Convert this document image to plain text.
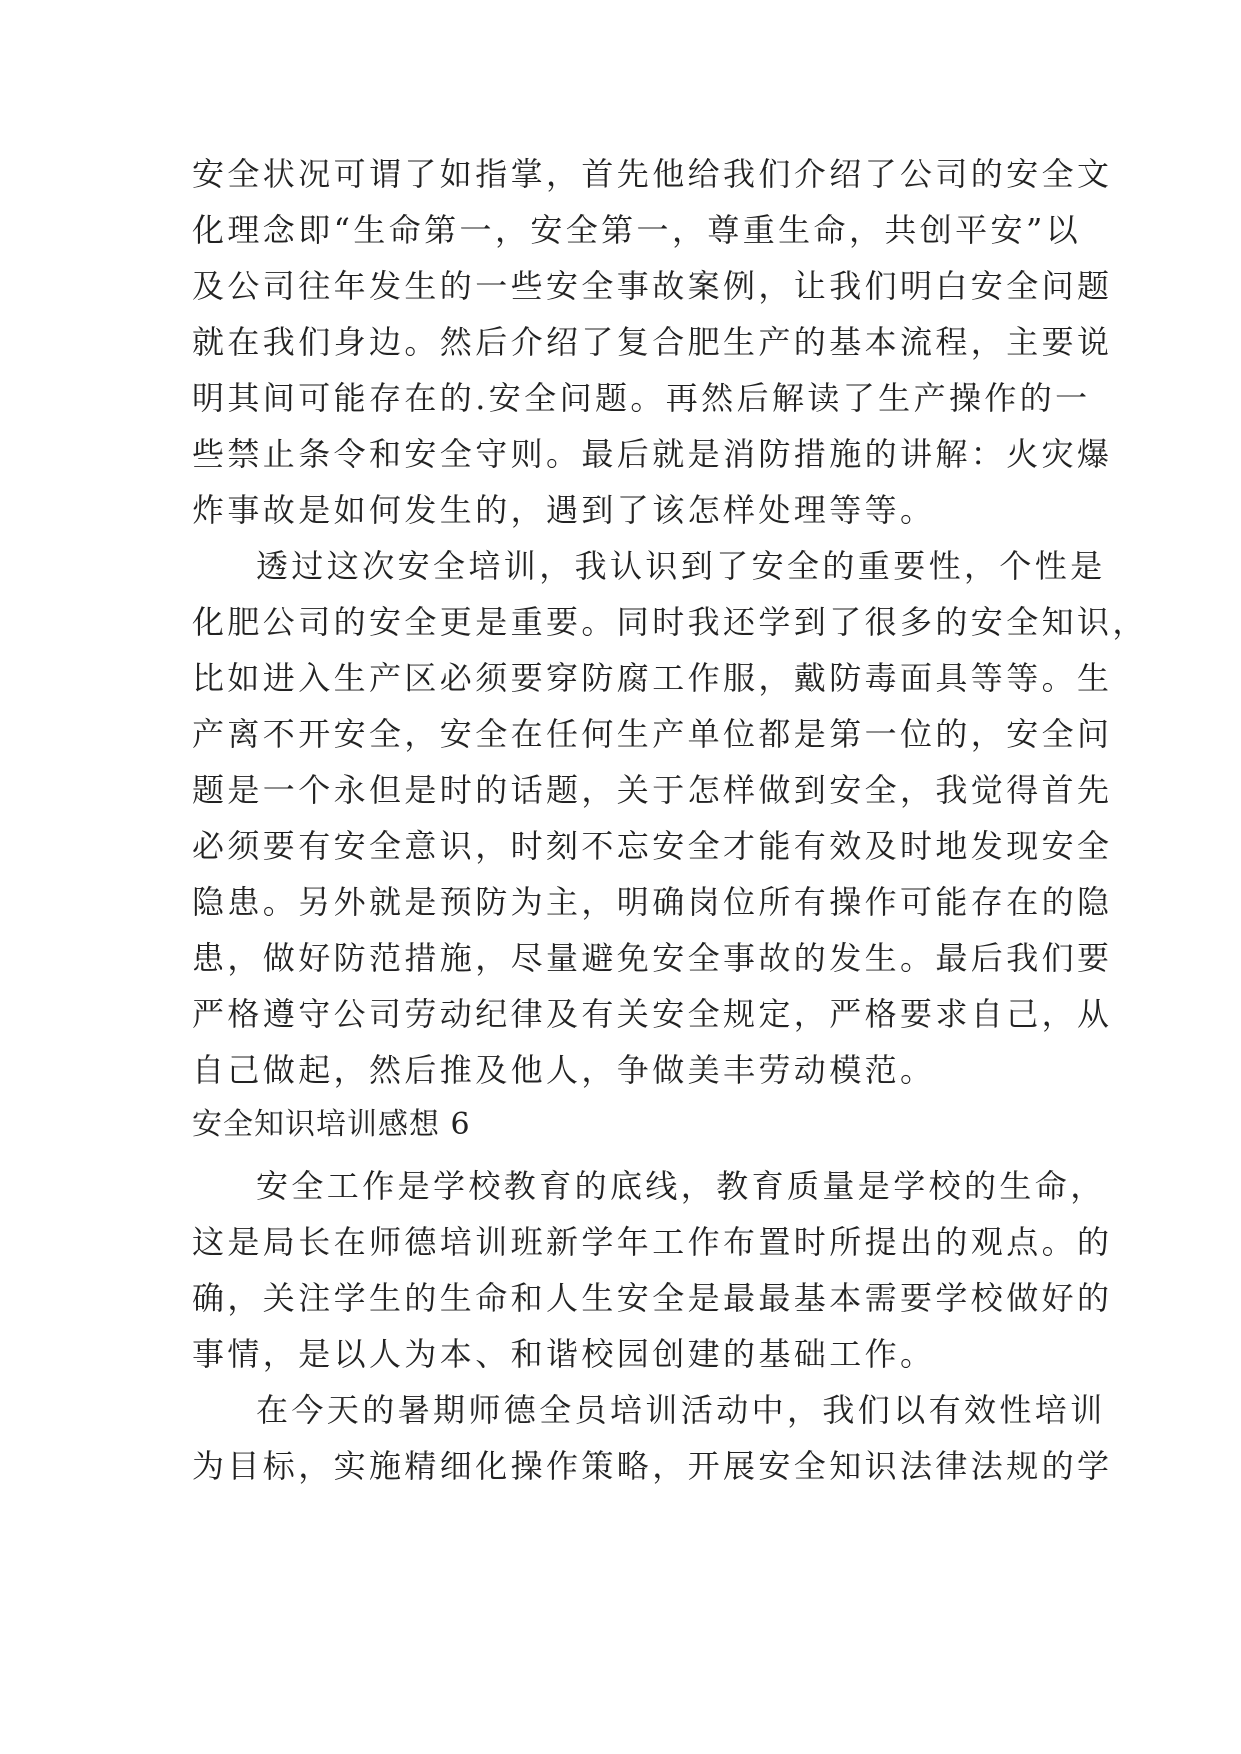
安全状况可谓了如指掌，首先他给我们介绍了公司的安全文
化理念即“生命第一，安全第一，尊重生命，共创平安”以
及公司往年发生的一些安全事故案例，让我们明白安全问题
就在我们身边。然后介绍了复合肥生产的基本流程，主要说
明其间可能存在的.安全问题。再然后解读了生产操作的一
些禁止条令和安全守则。最后就是消防措施的讲解：火灾爆
炸事故是如何发生的，遇到了该怎样处理等等。
透过这次安全培训，我认识到了安全的重要性，个性是
化肥公司的安全更是重要。同时我还学到了很多的安全知识，
比如进入生产区必须要穿防腐工作服，戴防毒面具等等。生
产离不开安全，安全在任何生产单位都是第一位的，安全问
题是一个永但是时的话题，关于怎样做到安全，我觉得首先
必须要有安全意识，时刻不忘安全才能有效及时地发现安全
隐患。另外就是预防为主，明确岗位所有操作可能存在的隐
患，做好防范措施，尽量避免安全事故的发生。最后我们要
严格遵守公司劳动纪律及有关安全规定，严格要求自己，从
自己做起，然后推及他人，争做美丰劳动模范。
安全知识培训感想 6
安全工作是学校教育的底线，教育质量是学校的生命，
这是局长在师德培训班新学年工作布置时所提出的观点。的
确，关注学生的生命和人生安全是最最基本需要学校做好的
事情，是以人为本、和谐校园创建的基础工作。
在今天的暑期师德全员培训活动中，我们以有效性培训
为目标，实施精细化操作策略，开展安全知识法律法规的学
